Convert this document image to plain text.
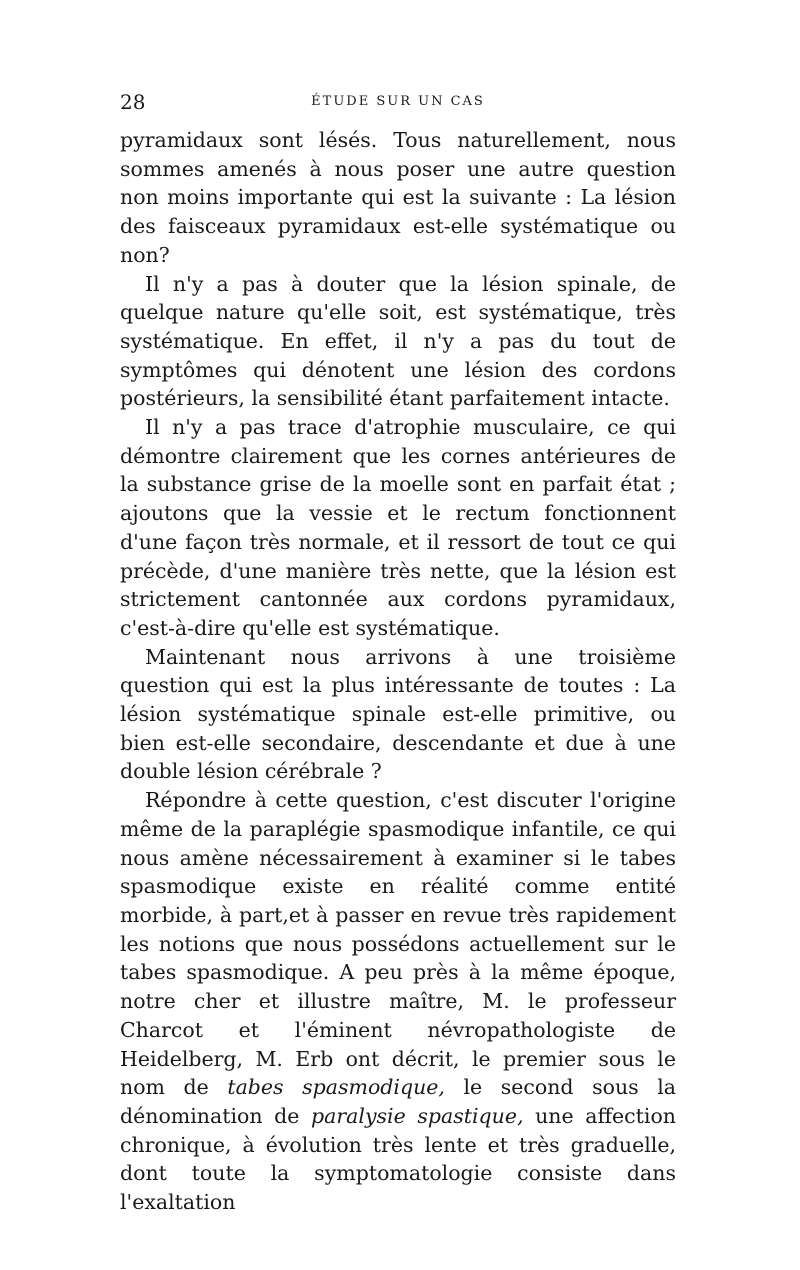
28	ÉTUDE SUR UN CAS

pyramidaux sont lésés. Tous naturellement, nous sommes amenés à nous poser une autre question non moins importante qui est la suivante : La lésion des faisceaux pyramidaux est-elle systématique ou non?

Il n'y a pas à douter que la lésion spinale, de quelque nature qu'elle soit, est systématique, très systématique. En effet, il n'y a pas du tout de symptômes qui dénotent une lésion des cordons postérieurs, la sensibilité étant parfaitement intacte.

Il n'y a pas trace d'atrophie musculaire, ce qui démontre clairement que les cornes antérieures de la substance grise de la moelle sont en parfait état ; ajoutons que la vessie et le rectum fonctionnent d'une façon très normale, et il ressort de tout ce qui précède, d'une manière très nette, que la lésion est strictement cantonnée aux cordons pyramidaux, c'est-à-dire qu'elle est systématique.

Maintenant nous arrivons à une troisième question qui est la plus intéressante de toutes : La lésion systématique spinale est-elle primitive, ou bien est-elle secondaire, descendante et due à une double lésion cérébrale ?

Répondre à cette question, c'est discuter l'origine même de la paraplégie spasmodique infantile, ce qui nous amène nécessairement à examiner si le tabes spasmodique existe en réalité comme entité morbide, à part,et à passer en revue très rapidement les notions que nous possédons actuellement sur le tabes spasmodique. A peu près à la même époque, notre cher et illustre maître, M. le professeur Charcot et l'éminent névropathologiste de Heidelberg, M. Erb ont décrit, le premier sous le nom de tabes spasmodique, le second sous la dénomination de paralysie spastique, une affection chronique, à évolution très lente et très graduelle, dont toute la symptomatologie consiste dans l'exaltation
